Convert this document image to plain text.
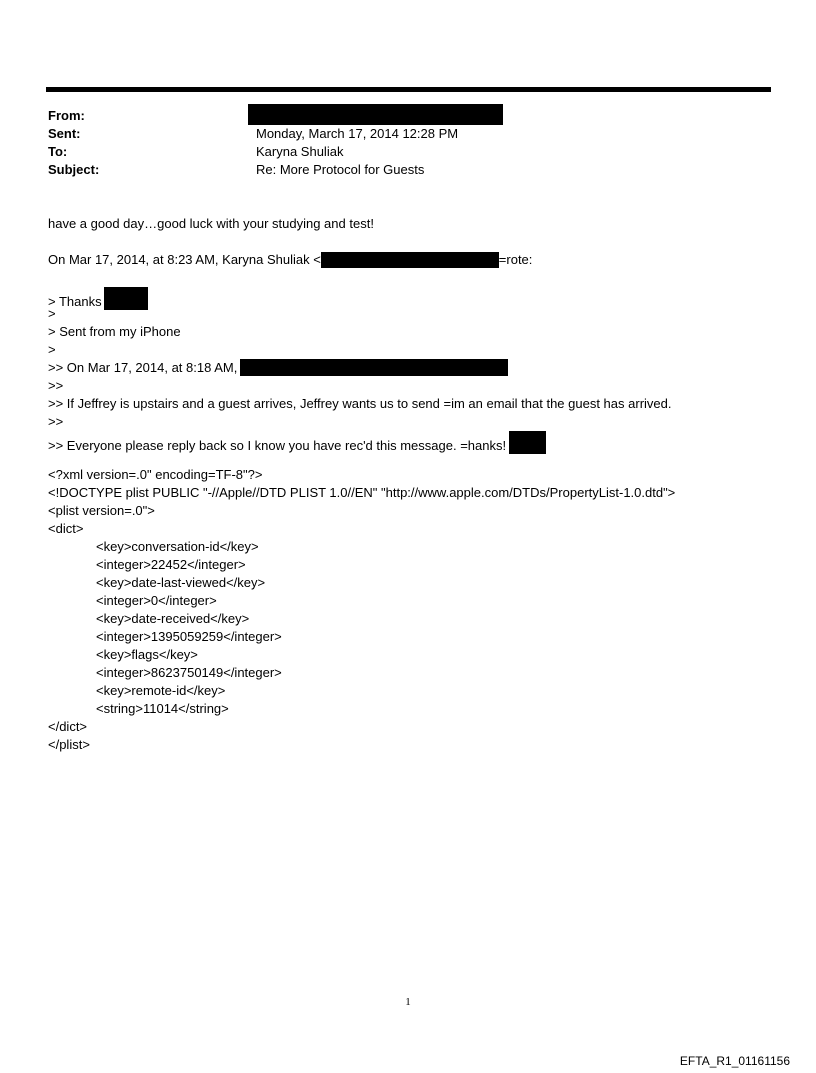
From:
Sent:
To:
Subject:
Monday, March 17, 2014 12:28 PM
Karyna Shuliak
Re: More Protocol for Guests
have a good day…good luck with your studying and test!
On Mar 17, 2014, at 8:23 AM, Karyna Shuliak <	=rote:
> Thanks
>
> Sent from my iPhone
>
>> On Mar 17, 2014, at 8:18 AM,
>>
>> If Jeffrey is upstairs and a guest arrives, Jeffrey wants us to send =im an email that the guest has arrived.
>>
>> Everyone please reply back so I know you have rec'd this message. =hanks!
<?xml version=.0" encoding=TF-8"?>
<!DOCTYPE plist PUBLIC "-//Apple//DTD PLIST 1.0//EN" "http://www.apple.com/DTDs/PropertyList-1.0.dtd">
<plist version=.0">
<dict>
<key>conversation-id</key>
<integer>22452</integer>
<key>date-last-viewed</key>
<integer>0</integer>
<key>date-received</key>
<integer>1395059259</integer>
<key>flags</key>
<integer>8623750149</integer>
<key>remote-id</key>
<string>11014</string>
</dict>
</plist>
1
EFTA_R1_01161156
